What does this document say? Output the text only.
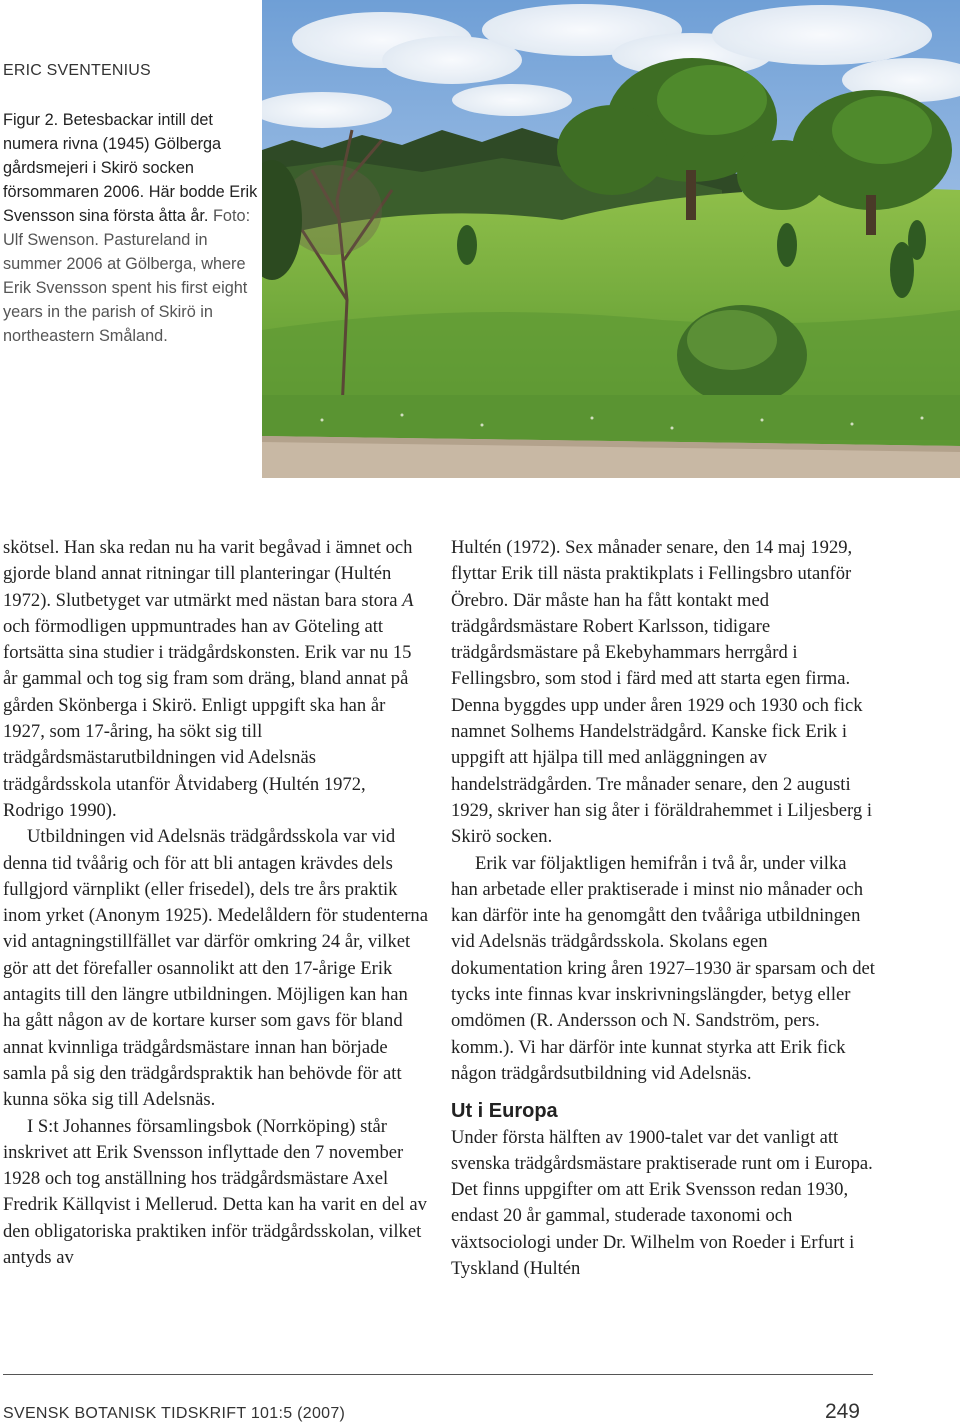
ERIC SVENTENIUS
Figur 2. Betesbackar intill det numera rivna (1945) Gölberga gårdsmejeri i Skirö socken försommaren 2006. Här bodde Erik Svensson sina första åtta år. Foto: Ulf Swenson. Pastureland in summer 2006 at Gölberga, where Erik Svensson spent his first eight years in the parish of Skirö in northeastern Småland.

skötsel. Han ska redan nu ha varit begåvad i ämnet och gjorde bland annat ritningar till planteringar (Hultén 1972). Slutbetyget var utmärkt med nästan bara stora A och förmodligen uppmuntrades han av Göteling att fortsätta sina studier i trädgårdskonsten. Erik var nu 15 år gammal och tog sig fram som dräng, bland annat på gården Skönberga i Skirö. Enligt uppgift ska han år 1927, som 17-åring, ha sökt sig till trädgårdsmästarutbildningen vid Adelsnäs trädgårdsskola utanför Åtvidaberg (Hultén 1972, Rodrigo 1990).

Utbildningen vid Adelsnäs trädgårdsskola var vid denna tid tvåårig och för att bli antagen krävdes dels fullgjord värnplikt (eller frisedel), dels tre års praktik inom yrket (Anonym 1925). Medelåldern för studenterna vid antagningstillfället var därför omkring 24 år, vilket gör att det förefaller osannolikt att den 17-årige Erik antagits till den längre utbildningen. Möjligen kan han ha gått någon av de kortare kurser som gavs för bland annat kvinnliga trädgårdsmästare innan han började samla på sig den trädgårdspraktik han behövde för att kunna söka sig till Adelsnäs.

I S:t Johannes församlingsbok (Norrköping) står inskrivet att Erik Svensson inflyttade den 7 november 1928 och tog anställning hos trädgårdsmästare Axel Fredrik Källqvist i Mellerud. Detta kan ha varit en del av den obligatoriska praktiken inför trädgårdsskolan, vilket antyds av

Hultén (1972). Sex månader senare, den 14 maj 1929, flyttar Erik till nästa praktikplats i Fellingsbro utanför Örebro. Där måste han ha fått kontakt med trädgårdsmästare Robert Karlsson, tidigare trädgårdsmästare på Ekebyhammars herrgård i Fellingsbro, som stod i färd med att starta egen firma. Denna byggdes upp under åren 1929 och 1930 och fick namnet Solhems Handelsträdgård. Kanske fick Erik i uppgift att hjälpa till med anläggningen av handelsträdgården. Tre månader senare, den 2 augusti 1929, skriver han sig åter i föräldrahemmet i Liljesberg i Skirö socken.

Erik var följaktligen hemifrån i två år, under vilka han arbetade eller praktiserade i minst nio månader och kan därför inte ha genomgått den tvååriga utbildningen vid Adelsnäs trädgårdsskola. Skolans egen dokumentation kring åren 1927–1930 är sparsam och det tycks inte finnas kvar inskrivningslängder, betyg eller omdömen (R. Andersson och N. Sandström, pers. komm.). Vi har därför inte kunnat styrka att Erik fick någon trädgårdsutbildning vid Adelsnäs.

Ut i Europa

Under första hälften av 1900-talet var det vanligt att svenska trädgårdsmästare praktiserade runt om i Europa. Det finns uppgifter om att Erik Svensson redan 1930, endast 20 år gammal, studerade taxonomi och växtsociologi under Dr. Wilhelm von Roeder i Erfurt i Tyskland (Hultén

SVENSK BOTANISK TIDSKRIFT 101:5 (2007)	249
